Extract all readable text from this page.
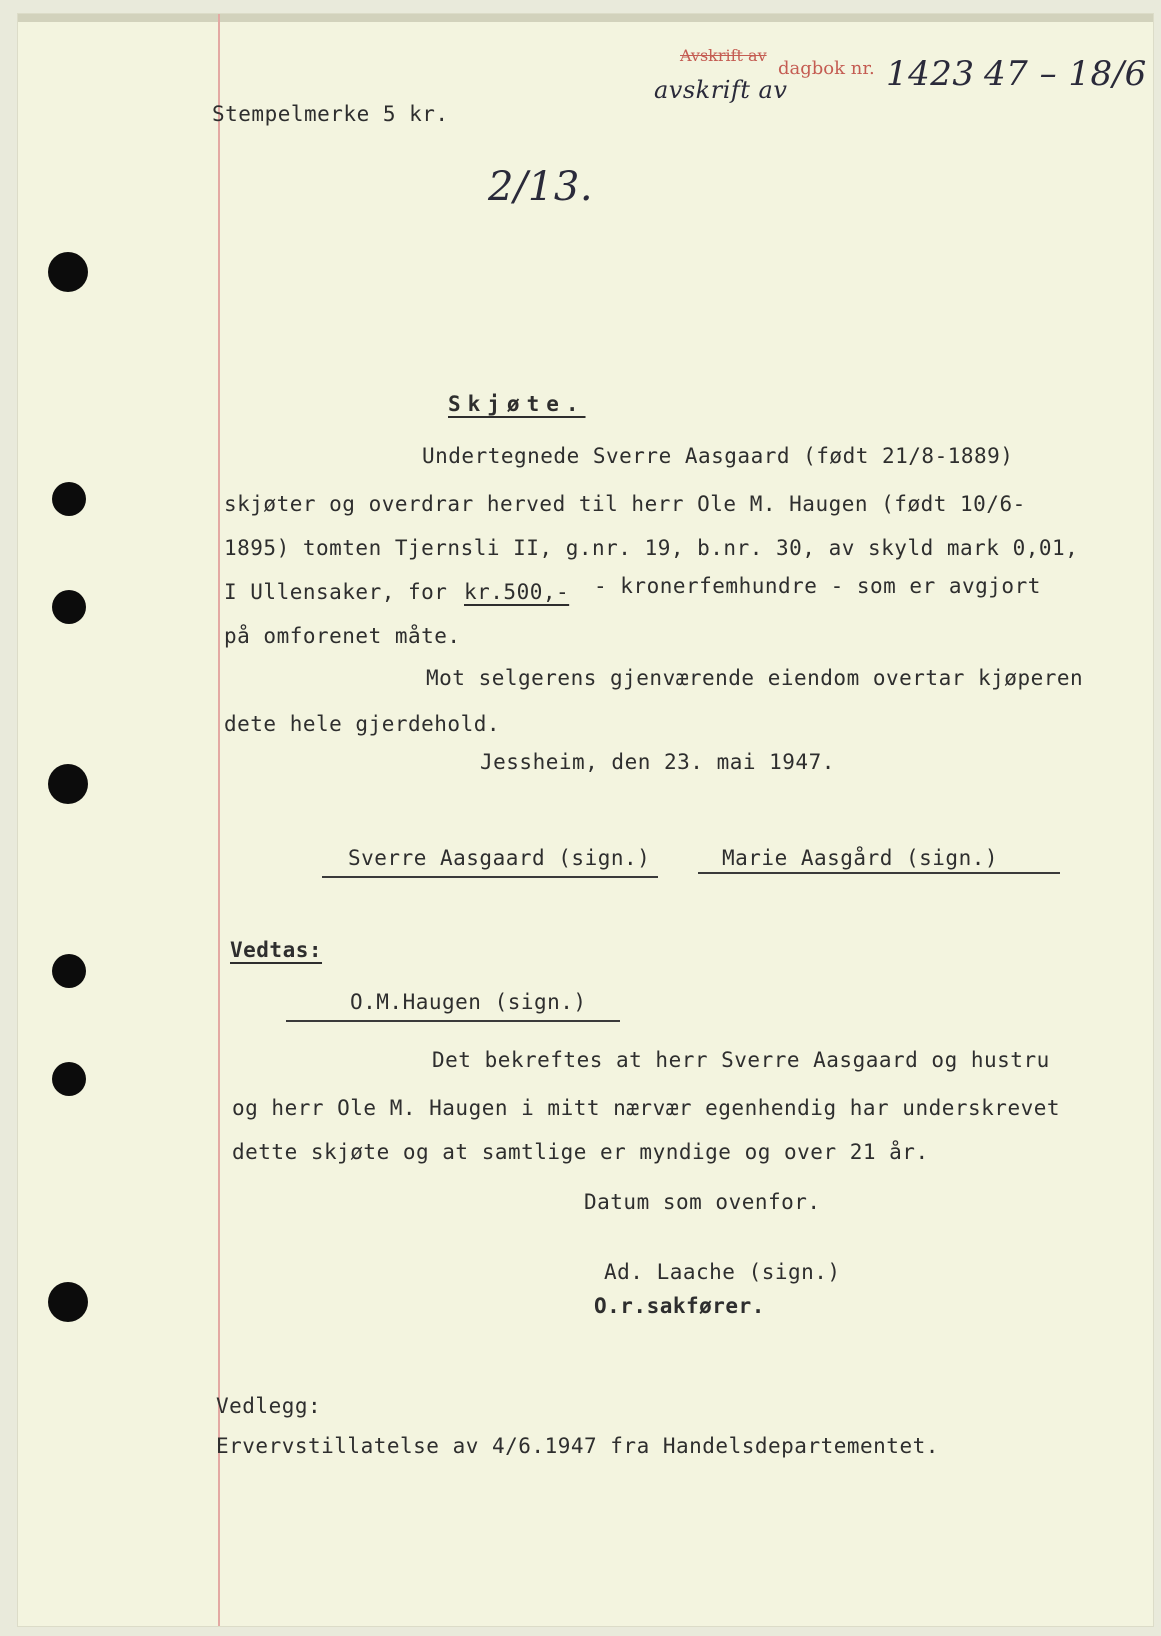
Avskrift av
avskrift av
dagbok nr. 1423 47 – 18/6

Stempelmerke 5 kr.

2/13.

Skjøte.

Undertegnede Sverre Aasgaard (født 21/8-1889)

skjøter og overdrar herved til herr Ole M. Haugen (født 10/6-

1895) tomten Tjernsli II, g.nr. 19, b.nr. 30, av skyld mark 0,01,

I Ullensaker, for kr.500,- - kronerfemhundre - som er avgjort

på omforenet måte.

Mot selgerens gjenværende eiendom overtar kjøperen

dete hele gjerdehold.

Jessheim, den 23. mai 1947.

Sverre Aasgaard (sign.)	Marie Aasgård (sign.)

Vedtas:

O.M.Haugen (sign.)

Det bekreftes at herr Sverre Aasgaard og hustru

og herr Ole M. Haugen i mitt nærvær egenhendig har underskrevet

dette skjøte og at samtlige er myndige og over 21 år.

Datum som ovenfor.

Ad. Laache (sign.)

O.r.sakfører.

Vedlegg:

Ervervstillatelse av 4/6.1947 fra Handelsdepartementet.
